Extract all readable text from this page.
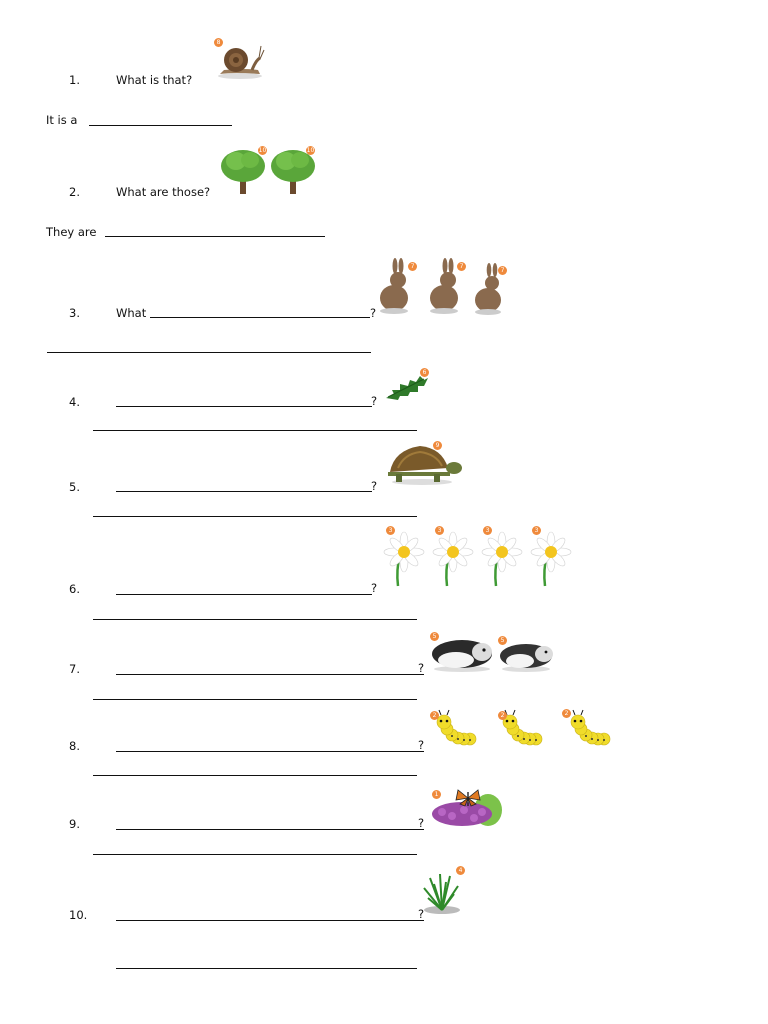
1.	What is that?
8
It is a
2.	What are those?
10	10
They are
3.	What	?
7	7
7
4.	?
6
5.	?
9
6.	?
3	3	3	3
7.	?
5
5
8.	?
2	2	2
9.	?
1
10.	?
4
